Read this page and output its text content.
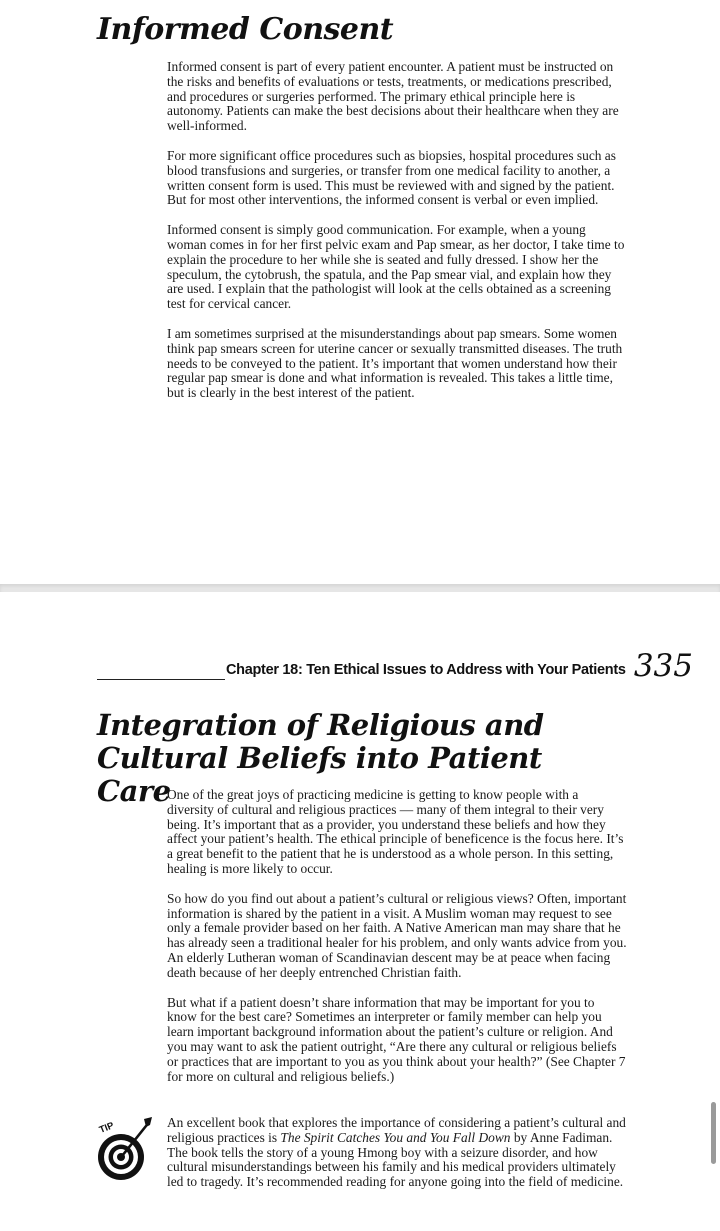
Informed Consent

Informed consent is part of every patient encounter. A patient must be instructed on the risks and benefits of evaluations or tests, treatments, or medications prescribed, and procedures or surgeries performed. The primary ethical principle here is autonomy. Patients can make the best decisions about their healthcare when they are well-informed.

For more significant office procedures such as biopsies, hospital procedures such as blood transfusions and surgeries, or transfer from one medical facility to another, a written consent form is used. This must be reviewed with and signed by the patient. But for most other interventions, the informed consent is verbal or even implied.

Informed consent is simply good communication. For example, when a young woman comes in for her first pelvic exam and Pap smear, as her doctor, I take time to explain the procedure to her while she is seated and fully dressed. I show her the speculum, the cytobrush, the spatula, and the Pap smear vial, and explain how they are used. I explain that the pathologist will look at the cells obtained as a screening test for cervical cancer.

I am sometimes surprised at the misunderstandings about pap smears. Some women think pap smears screen for uterine cancer or sexually transmitted diseases. The truth needs to be conveyed to the patient. It’s important that women understand how their regular pap smear is done and what information is revealed. This takes a little time, but is clearly in the best interest of the patient.

Chapter 18: Ten Ethical Issues to Address with Your Patients 335
Integration of Religious and Cultural Beliefs into Patient Care

One of the great joys of practicing medicine is getting to know people with a diversity of cultural and religious practices — many of them integral to their very being. It’s important that as a provider, you understand these beliefs and how they affect your patient’s health. The ethical principle of beneficence is the focus here. It’s a great benefit to the patient that he is understood as a whole person. In this setting, healing is more likely to occur.

So how do you find out about a patient’s cultural or religious views? Often, important information is shared by the patient in a visit. A Muslim woman may request to see only a female provider based on her faith. A Native American man may share that he has already seen a traditional healer for his problem, and only wants advice from you. An elderly Lutheran woman of Scandinavian descent may be at peace when facing death because of her deeply entrenched Christian faith.

But what if a patient doesn’t share information that may be important for you to know for the best care? Sometimes an interpreter or family member can help you learn important background information about the patient’s culture or religion. And you may want to ask the patient outright, “Are there any cultural or religious beliefs or practices that are important to you as you think about your health?” (See Chapter 7 for more on cultural and religious beliefs.)

TIP	An excellent book that explores the importance of considering a patient’s cultural and religious practices is The Spirit Catches You and You Fall Down by Anne Fadiman. The book tells the story of a young Hmong boy with a seizure disorder, and how cultural misunderstandings between his family and his medical providers ultimately led to tragedy. It’s recommended reading for anyone going into the field of medicine.
